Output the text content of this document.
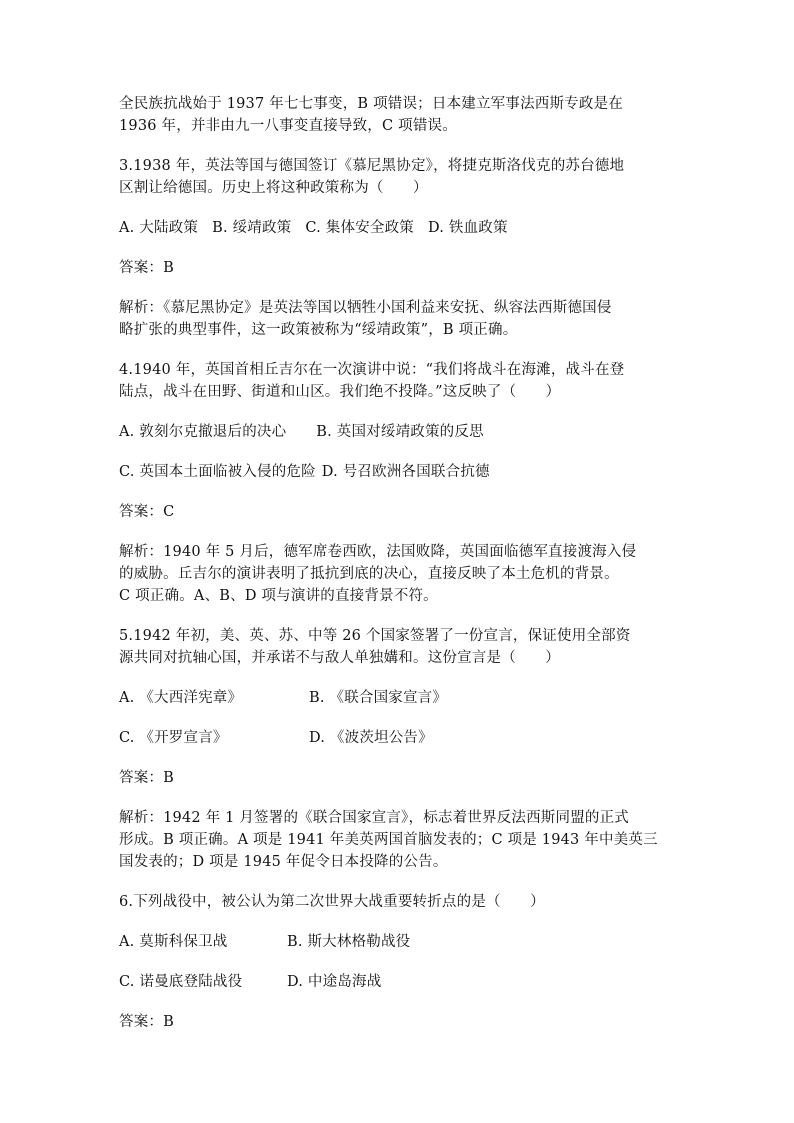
全民族抗战始于 1937 年七七事变，B 项错误；日本建立军事法西斯专政是在
1936 年，并非由九一八事变直接导致，C 项错误。
3.1938 年，英法等国与德国签订《慕尼黑协定》，将捷克斯洛伐克的苏台德地
区割让给德国。历史上将这种政策称为（　　）
A. 大陆政策 B. 绥靖政策 C. 集体安全政策 D. 铁血政策
答案：B
解析：《慕尼黑协定》是英法等国以牺牲小国利益来安抚、纵容法西斯德国侵
略扩张的典型事件，这一政策被称为“绥靖政策”，B 项正确。
4.1940 年，英国首相丘吉尔在一次演讲中说：“我们将战斗在海滩，战斗在登
陆点，战斗在田野、街道和山区。我们绝不投降。”这反映了（　　）
A. 敦刻尔克撤退后的决心 B. 英国对绥靖政策的反思
C. 英国本土面临被入侵的危险 D. 号召欧洲各国联合抗德
答案：C
解析：1940 年 5 月后，德军席卷西欧，法国败降，英国面临德军直接渡海入侵
的威胁。丘吉尔的演讲表明了抵抗到底的决心，直接反映了本土危机的背景。
C 项正确。A、B、D 项与演讲的直接背景不符。
5.1942 年初，美、英、苏、中等 26 个国家签署了一份宣言，保证使用全部资
源共同对抗轴心国，并承诺不与敌人单独媾和。这份宣言是（　　）
A. 《大西洋宪章》	B. 《联合国家宣言》
C. 《开罗宣言》	D. 《波茨坦公告》
答案：B
解析：1942 年 1 月签署的《联合国家宣言》，标志着世界反法西斯同盟的正式
形成。B 项正确。A 项是 1941 年美英两国首脑发表的；C 项是 1943 年中美英三
国发表的；D 项是 1945 年促令日本投降的公告。
6.下列战役中，被公认为第二次世界大战重要转折点的是（　　）
A. 莫斯科保卫战	B. 斯大林格勒战役
C. 诺曼底登陆战役	D. 中途岛海战
答案：B
